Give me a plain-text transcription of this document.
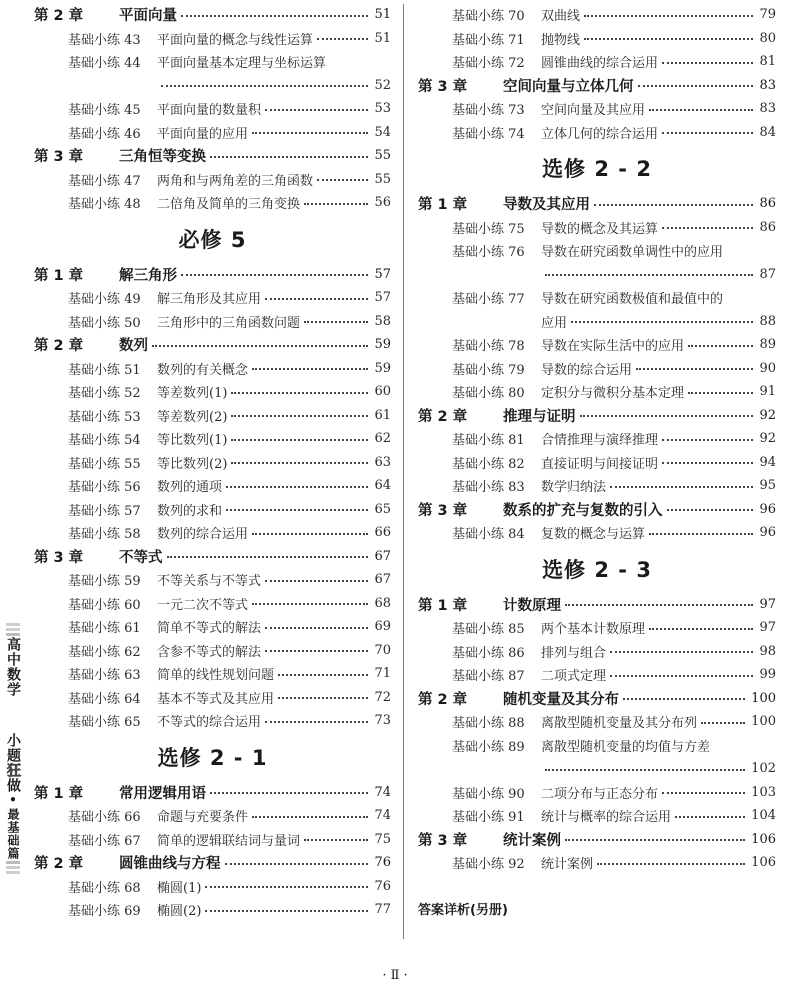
高中数学
小题
狂
做
•
最基础篇
第 2 章	平面向量	51
基础小练 43	平面向量的概念与线性运算	51
基础小练 44	平面向量基本定理与坐标运算
52
基础小练 45	平面向量的数量积	53
基础小练 46	平面向量的应用	54
第 3 章	三角恒等变换	55
基础小练 47	两角和与两角差的三角函数	55
基础小练 48	二倍角及简单的三角变换	56
必修 5
第 1 章	解三角形	57
基础小练 49	解三角形及其应用	57
基础小练 50	三角形中的三角函数问题	58
第 2 章	数列	59
基础小练 51	数列的有关概念	59
基础小练 52	等差数列(1)	60
基础小练 53	等差数列(2)	61
基础小练 54	等比数列(1)	62
基础小练 55	等比数列(2)	63
基础小练 56	数列的通项	64
基础小练 57	数列的求和	65
基础小练 58	数列的综合运用	66
第 3 章	不等式	67
基础小练 59	不等关系与不等式	67
基础小练 60	一元二次不等式	68
基础小练 61	简单不等式的解法	69
基础小练 62	含参不等式的解法	70
基础小练 63	简单的线性规划问题	71
基础小练 64	基本不等式及其应用	72
基础小练 65	不等式的综合运用	73
选修 2 - 1
第 1 章	常用逻辑用语	74
基础小练 66	命题与充要条件	74
基础小练 67	简单的逻辑联结词与量词	75
第 2 章	圆锥曲线与方程	76
基础小练 68	椭圆(1)	76
基础小练 69	椭圆(2)	77
基础小练 70	双曲线	79
基础小练 71	抛物线	80
基础小练 72	圆锥曲线的综合运用	81
第 3 章	空间向量与立体几何	83
基础小练 73	空间向量及其应用	83
基础小练 74	立体几何的综合运用	84
选修 2 - 2
第 1 章	导数及其应用	86
基础小练 75	导数的概念及其运算	86
基础小练 76	导数在研究函数单调性中的应用
87
基础小练 77	导数在研究函数极值和最值中的
应用	88
基础小练 78	导数在实际生活中的应用	89
基础小练 79	导数的综合运用	90
基础小练 80	定积分与微积分基本定理	91
第 2 章	推理与证明	92
基础小练 81	合情推理与演绎推理	92
基础小练 82	直接证明与间接证明	94
基础小练 83	数学归纳法	95
第 3 章	数系的扩充与复数的引入	96
基础小练 84	复数的概念与运算	96
选修 2 - 3
第 1 章	计数原理	97
基础小练 85	两个基本计数原理	97
基础小练 86	排列与组合	98
基础小练 87	二项式定理	99
第 2 章	随机变量及其分布	100
基础小练 88	离散型随机变量及其分布列	100
基础小练 89	离散型随机变量的均值与方差
102
基础小练 90	二项分布与正态分布	103
基础小练 91	统计与概率的综合运用	104
第 3 章	统计案例	106
基础小练 92	统计案例	106
答案详析(另册)
· Ⅱ ·
